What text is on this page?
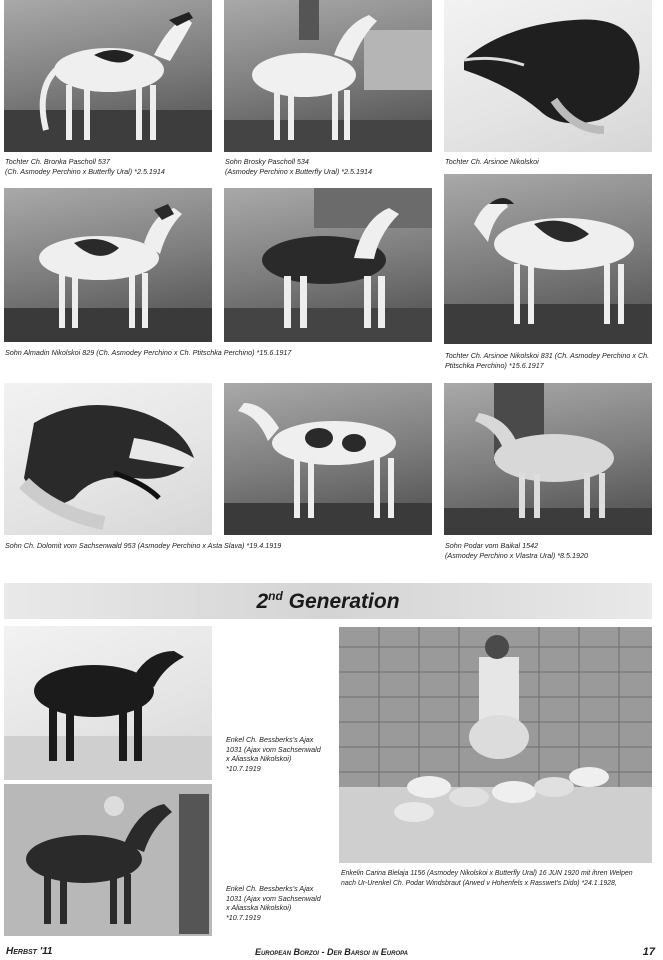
Tochter Ch. Bronka Pascholl 537
(Ch. Asmodey Perchino x Butterfly Ural) *2.5.1914

Sohn Brosky Pascholl 534
(Asmodey Perchino x Butterfly Ural) *2.5.1914

Tochter Ch. Arsinoe Nikolskoi

Sohn Almadin Nikolskoi 829 (Ch. Asmodey Perchino x Ch. Ptitschka Perchino) *15.6.1917	Tochter Ch. Arsinoe Nikolskoi 831 (Ch. Asmodey Perchino x Ch.
Ptitschka Perchino) *15.6.1917

Sohn Ch. Dolomit vom Sachsenwald 953 (Asmodey Perchino x Asta Slava) *19.4.1919	Sohn Podar vom Baikal 1542
(Asmodey Perchino x Vlastra Ural) *8.5.1920

2nd Generation

Enkel Ch. Bessberks's Ajax
1031 (Ajax vom Sachsenwald
x Aliasska Nikolskoi)
*10.7.1919

Enkel Ch. Bessberks's Ajax
1031 (Ajax vom Sachsenwald
x Aliasska Nikolskoi)
*10.7.1919

Enkelin Carina Bielaja 1156 (Asmodey Nikolskoi x Butterfly Ural) 16 JUN 1920 mit ihren Welpen
nach Ur-Urenkel Ch. Podar Windsbraut (Arwed v Hohenfels x Rasswet's Dido) *24.1.1928,

Herbst '11	European Borzoi - Der Barsoi in Europa	17
